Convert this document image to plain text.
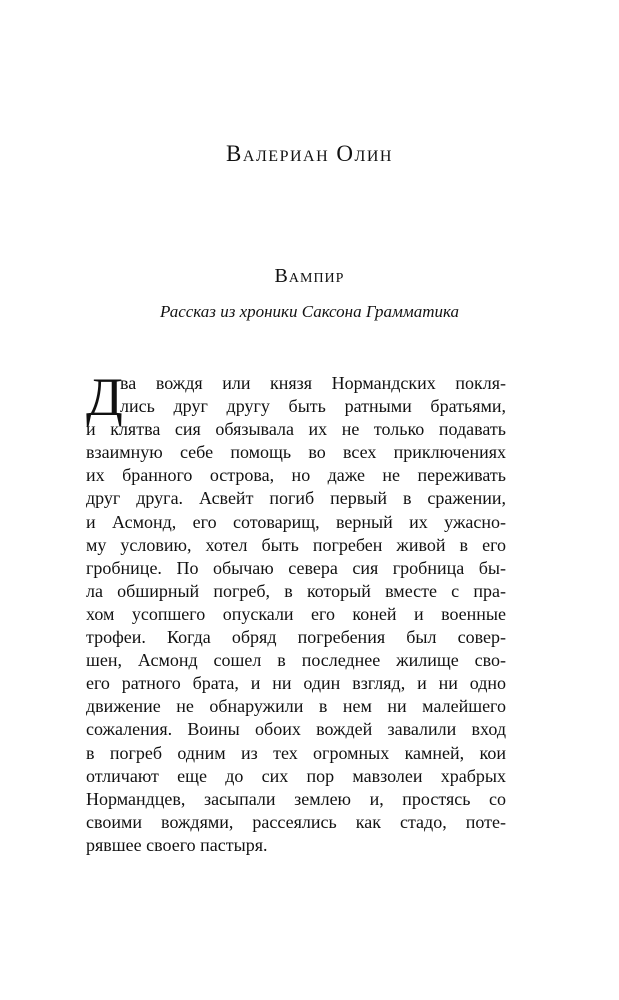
Валериан Олин
Вампир

Рассказ из хроники Саксона Грамматика

Д
ва вождя или князя Нормандских покля-
лись друг другу быть ратными братьями,
и клятва сия обязывала их не только подавать
взаимную себе помощь во всех приключениях
их бранного острова, но даже не переживать
друг друга. Асвейт погиб первый в сражении,
и Асмонд, его сотоварищ, верный их ужасно-
му условию, хотел быть погребен живой в его
гробнице. По обычаю севера сия гробница бы-
ла обширный погреб, в который вместе с пра-
хом усопшего опускали его коней и военные
трофеи. Когда обряд погребения был совер-
шен, Асмонд сошел в последнее жилище сво-
его ратного брата, и ни один взгляд, и ни одно
движение не обнаружили в нем ни малейшего
сожаления. Воины обоих вождей завалили вход
в погреб одним из тех огромных камней, кои
отличают еще до сих пор мавзолеи храбрых
Нормандцев, засыпали землею и, простясь со
своими вождями, рассеялись как стадо, поте-
рявшее своего пастыря.
